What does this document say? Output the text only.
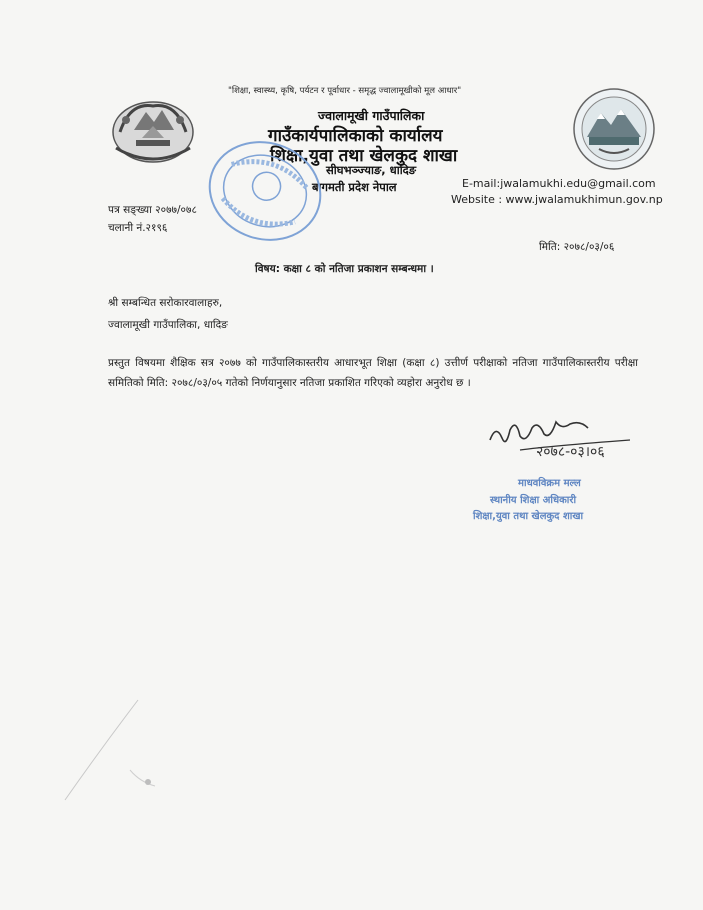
"शिक्षा, स्वास्थ्य, कृषि, पर्यटन र पूर्वाधार - समृद्ध ज्वालामूखीको मूल आधार"
ज्वालामूखी गाउँपालिका
गाउँकार्यपालिकाको कार्यालय
शिक्षा,युवा तथा खेलकुद शाखा
सीघभञ्ज्याङ, धादिङ
बागमती प्रदेश नेपाल	E-mail:jwalamukhi.edu@gmail.com
Website : www.jwalamukhimun.gov.np
पत्र सङ्ख्या २०७७/०७८
चलानी नं.२१९६
मिति: २०७८/०३/०६
विषय: कक्षा ८ को नतिजा प्रकाशन सम्बन्धमा ।
श्री सम्बन्धित सरोकारवालाहरु,
ज्वालामूखी गाउँपालिका, धादिङ
प्रस्तुत विषयमा शैक्षिक सत्र २०७७ को गाउँपालिकास्तरीय आधारभूत शिक्षा (कक्षा ८) उत्तीर्ण परीक्षाको नतिजा गाउँपालिकास्तरीय परीक्षा समितिको मिति: २०७८/०३/०५ गतेको निर्णयानुसार नतिजा प्रकाशित गरिएको व्यहोरा अनुरोध छ ।
२०७८-०३।०६
माधवविक्रम मल्ल
स्थानीय शिक्षा अधिकारी
शिक्षा,युवा तथा खेलकुद शाखा
